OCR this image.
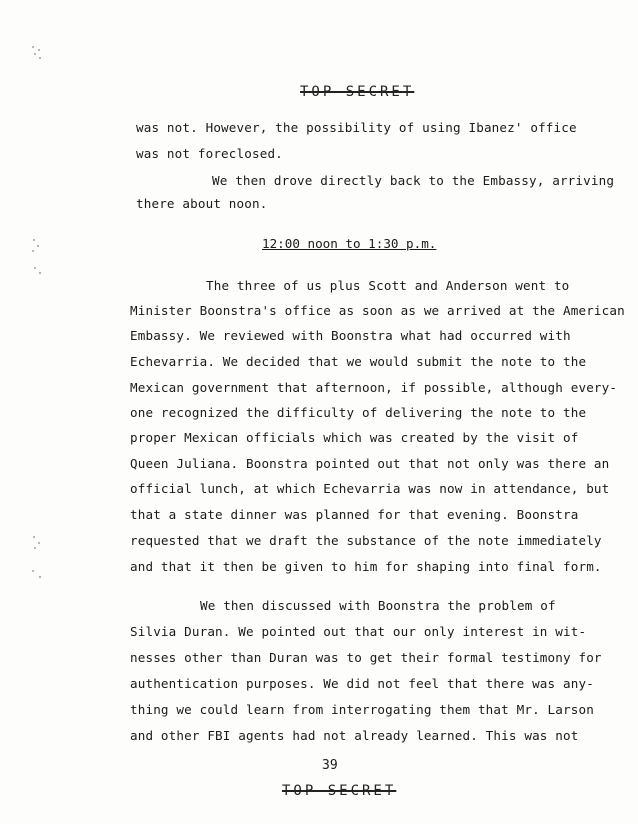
TOP SECRET
was not. However, the possibility of using Ibanez' office
was not foreclosed.
We then drove directly back to the Embassy, arriving
there about noon.
12:00 noon to 1:30 p.m.
The three of us plus Scott and Anderson went to
Minister Boonstra's office as soon as we arrived at the American
Embassy. We reviewed with Boonstra what had occurred with
Echevarria. We decided that we would submit the note to the
Mexican government that afternoon, if possible, although every-
one recognized the difficulty of delivering the note to the
proper Mexican officials which was created by the visit of
Queen Juliana. Boonstra pointed out that not only was there an
official lunch, at which Echevarria was now in attendance, but
that a state dinner was planned for that evening. Boonstra
requested that we draft the substance of the note immediately
and that it then be given to him for shaping into final form.
We then discussed with Boonstra the problem of
Silvia Duran. We pointed out that our only interest in wit-
nesses other than Duran was to get their formal testimony for
authentication purposes. We did not feel that there was any-
thing we could learn from interrogating them that Mr. Larson
and other FBI agents had not already learned. This was not
39
TOP SECRET
